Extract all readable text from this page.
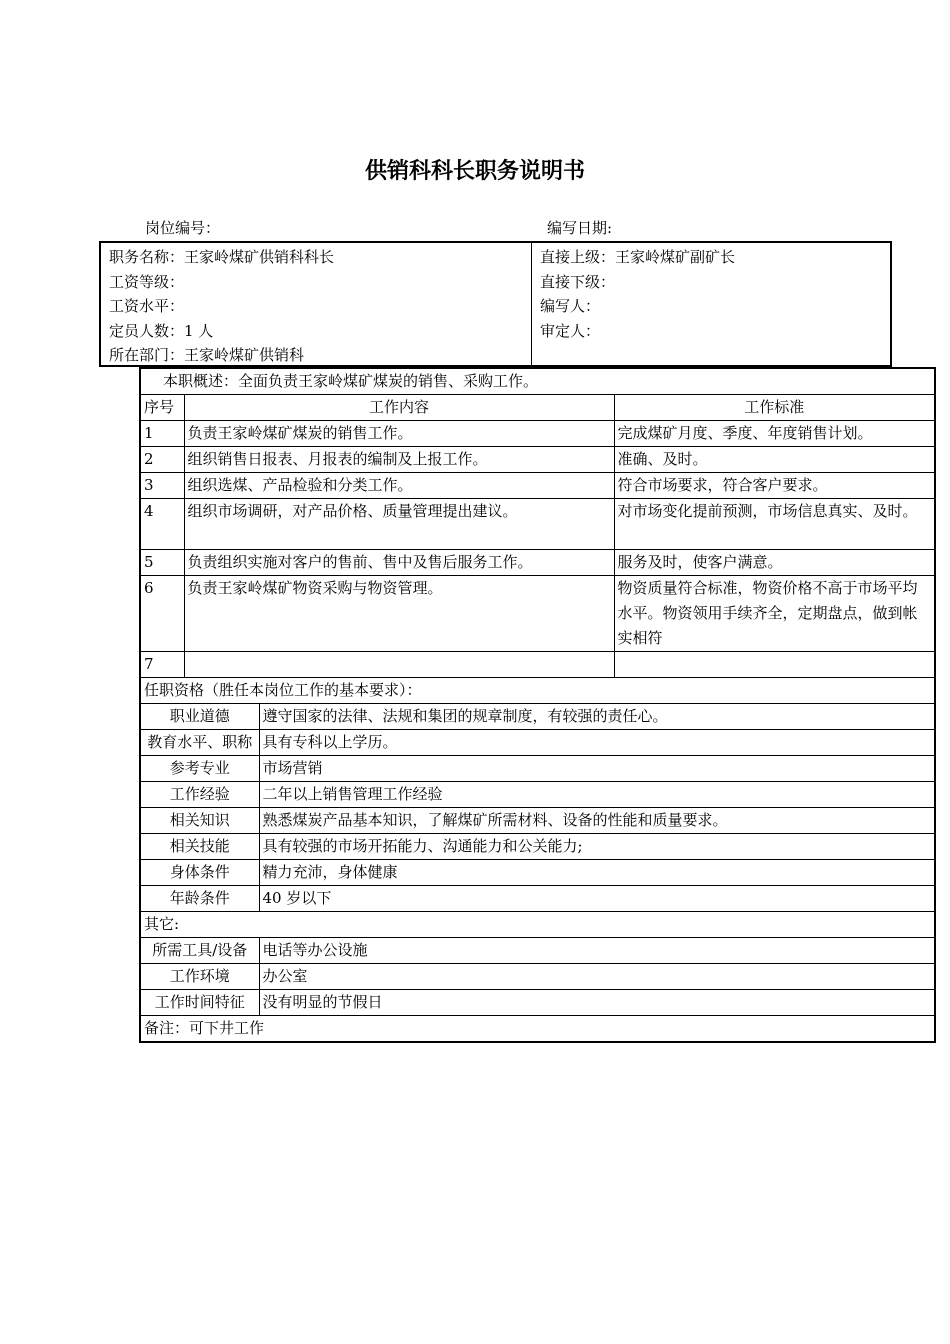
供销科科长职务说明书
岗位编号：	编写日期:
职务名称：王家岭煤矿供销科科长
工资等级：
工资水平：
定员人数：1 人
所在部门：王家岭煤矿供销科
直接上级：王家岭煤矿副矿长
直接下级：
编写人：
审定人：
本职概述：全面负责王家岭煤矿煤炭的销售、采购工作。			
序号	工作内容		工作标准
1	负责王家岭煤矿煤炭的销售工作。		完成煤矿月度、季度、年度销售计划。
2	组织销售日报表、月报表的编制及上报工作。		准确、及时。
3	组织选煤、产品检验和分类工作。		符合市场要求，符合客户要求。
4	组织市场调研，对产品价格、质量管理提出建议。		对市场变化提前预测，市场信息真实、及时。
5	负责组织实施对客户的售前、售中及售后服务工作。		服务及时，使客户满意。
6	负责王家岭煤矿物资采购与物资管理。		物资质量符合标准，物资价格不高于市场平均水平。物资领用手续齐全，定期盘点，做到帐实相符
7			
任职资格（胜任本岗位工作的基本要求）：			
职业道德		遵守国家的法律、法规和集团的规章制度，有较强的责任心。	
教育水平、职称		具有专科以上学历。	
参考专业		市场营销	
工作经验		二年以上销售管理工作经验	
相关知识		熟悉煤炭产品基本知识，了解煤矿所需材料、设备的性能和质量要求。	
相关技能		具有较强的市场开拓能力、沟通能力和公关能力;	
身体条件		精力充沛，身体健康	
年龄条件		40 岁以下	
其它:			
所需工具/设备		电话等办公设施	
工作环境		办公室	
工作时间特征		没有明显的节假日	
备注：可下井工作			
